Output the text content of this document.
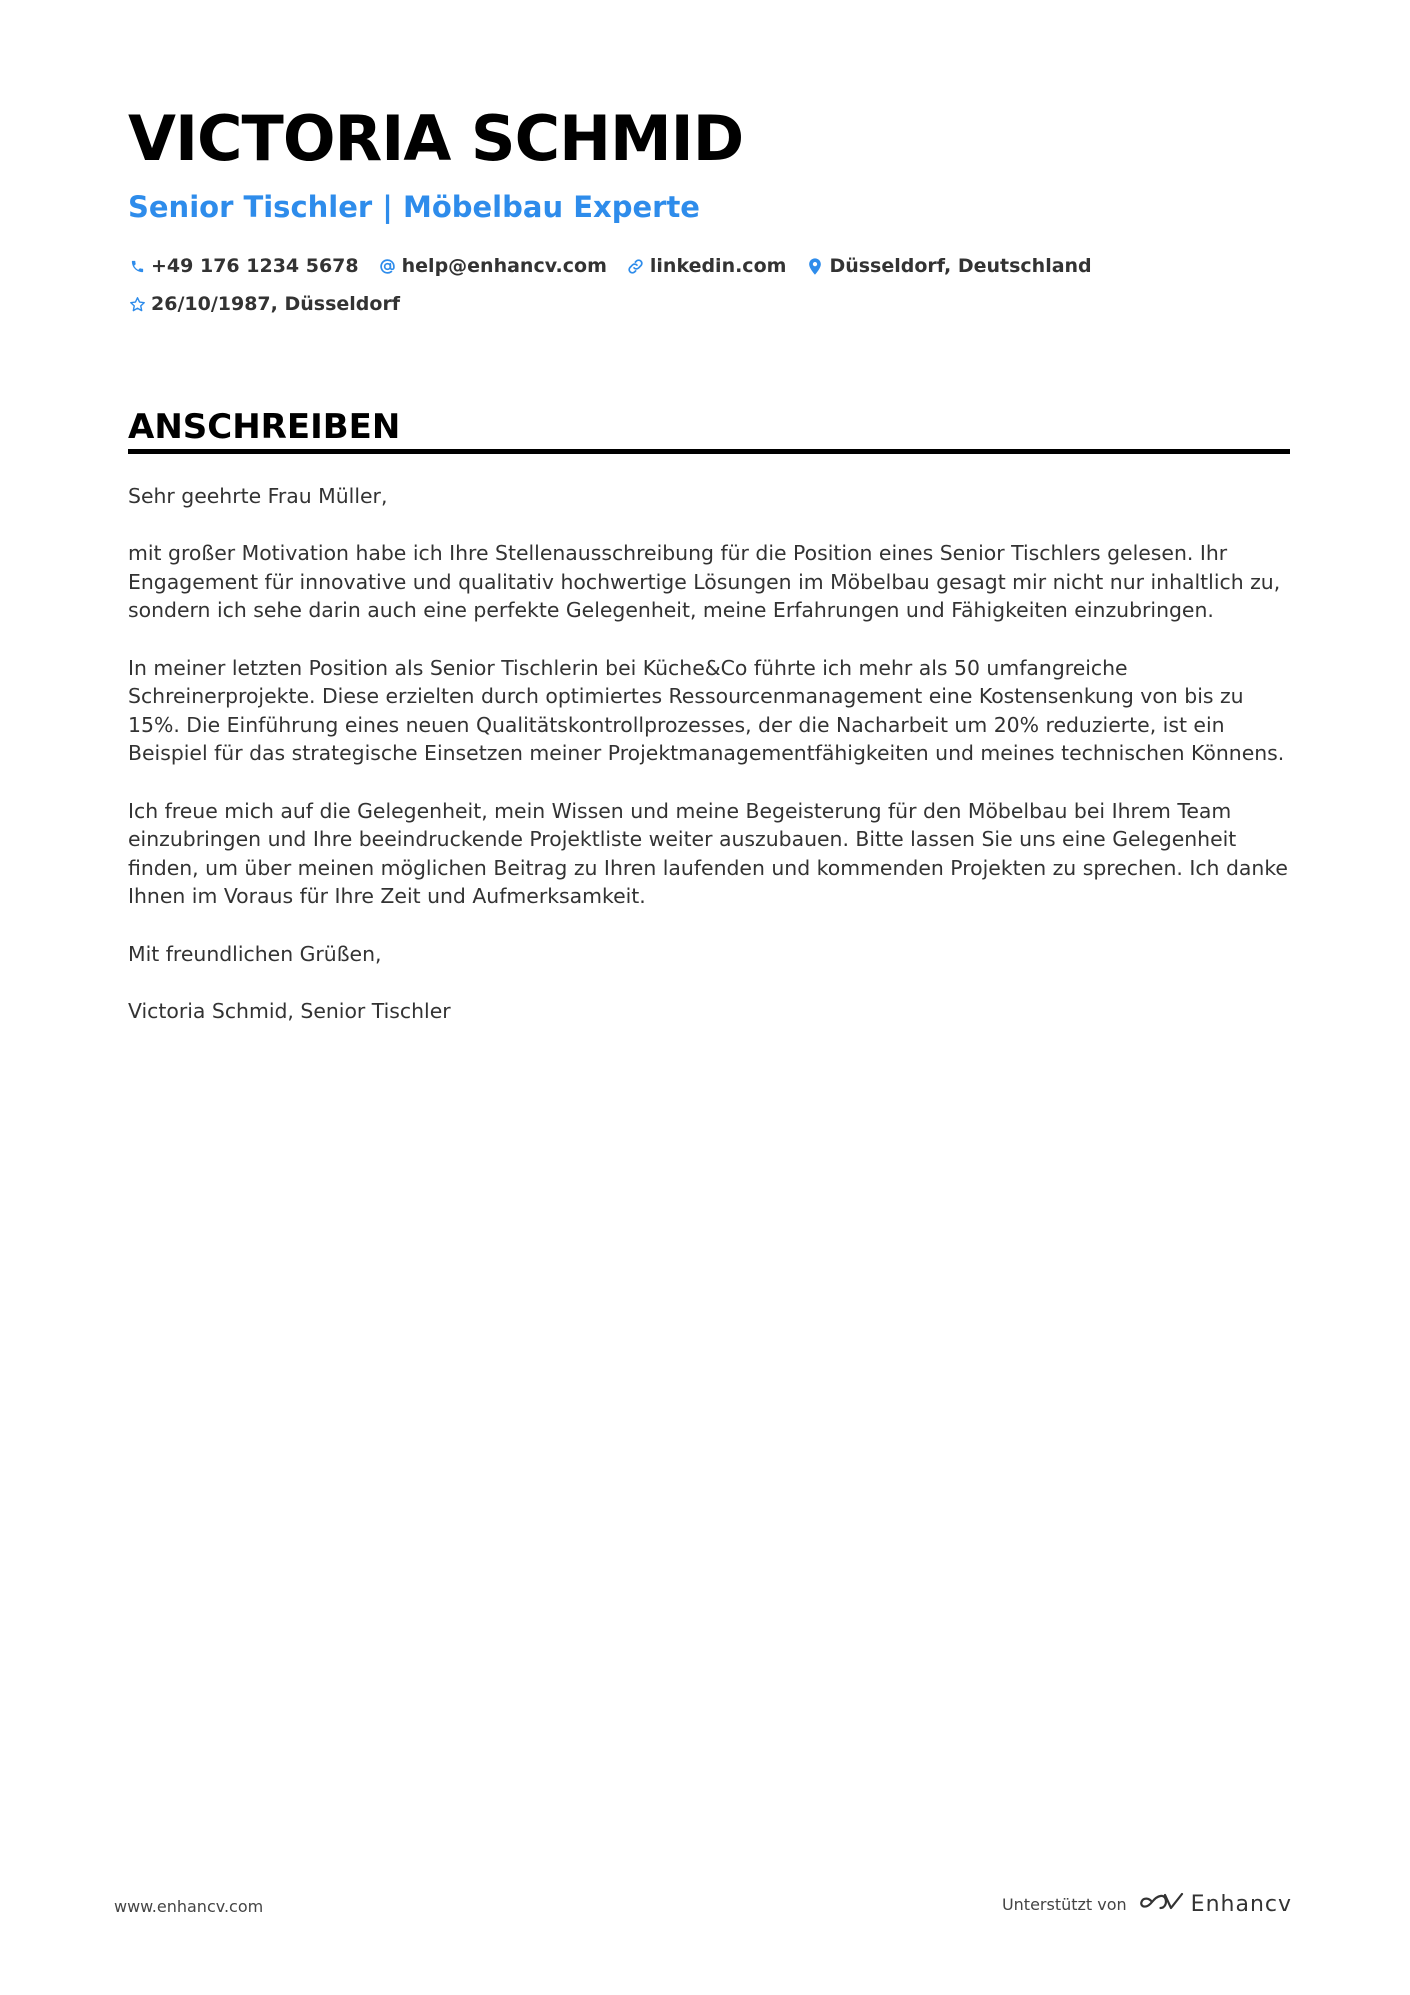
VICTORIA SCHMID
Senior Tischler | Möbelbau Experte
+49 176 1234 5678 help@enhancv.com linkedin.com Düsseldorf, Deutschland
26/10/1987, Düsseldorf
ANSCHREIBEN

Sehr geehrte Frau Müller,

mit großer Motivation habe ich Ihre Stellenausschreibung für die Position eines Senior Tischlers gelesen. Ihr Engagement für innovative und qualitativ hochwertige Lösungen im Möbelbau gesagt mir nicht nur inhaltlich zu, sondern ich sehe darin auch eine perfekte Gelegenheit, meine Erfahrungen und Fähigkeiten einzubringen.

In meiner letzten Position als Senior Tischlerin bei Küche&Co führte ich mehr als 50 umfangreiche Schreinerprojekte. Diese erzielten durch optimiertes Ressourcenmanagement eine Kostensenkung von bis zu 15%. Die Einführung eines neuen Qualitätskontrollprozesses, der die Nacharbeit um 20% reduzierte, ist ein Beispiel für das strategische Einsetzen meiner Projektmanagementfähigkeiten und meines technischen Könnens.

Ich freue mich auf die Gelegenheit, mein Wissen und meine Begeisterung für den Möbelbau bei Ihrem Team einzubringen und Ihre beeindruckende Projektliste weiter auszubauen. Bitte lassen Sie uns eine Gelegenheit finden, um über meinen möglichen Beitrag zu Ihren laufenden und kommenden Projekten zu sprechen. Ich danke Ihnen im Voraus für Ihre Zeit und Aufmerksamkeit.

Mit freundlichen Grüßen,

Victoria Schmid, Senior Tischler

www.enhancv.com	Unterstützt von	Enhancv
